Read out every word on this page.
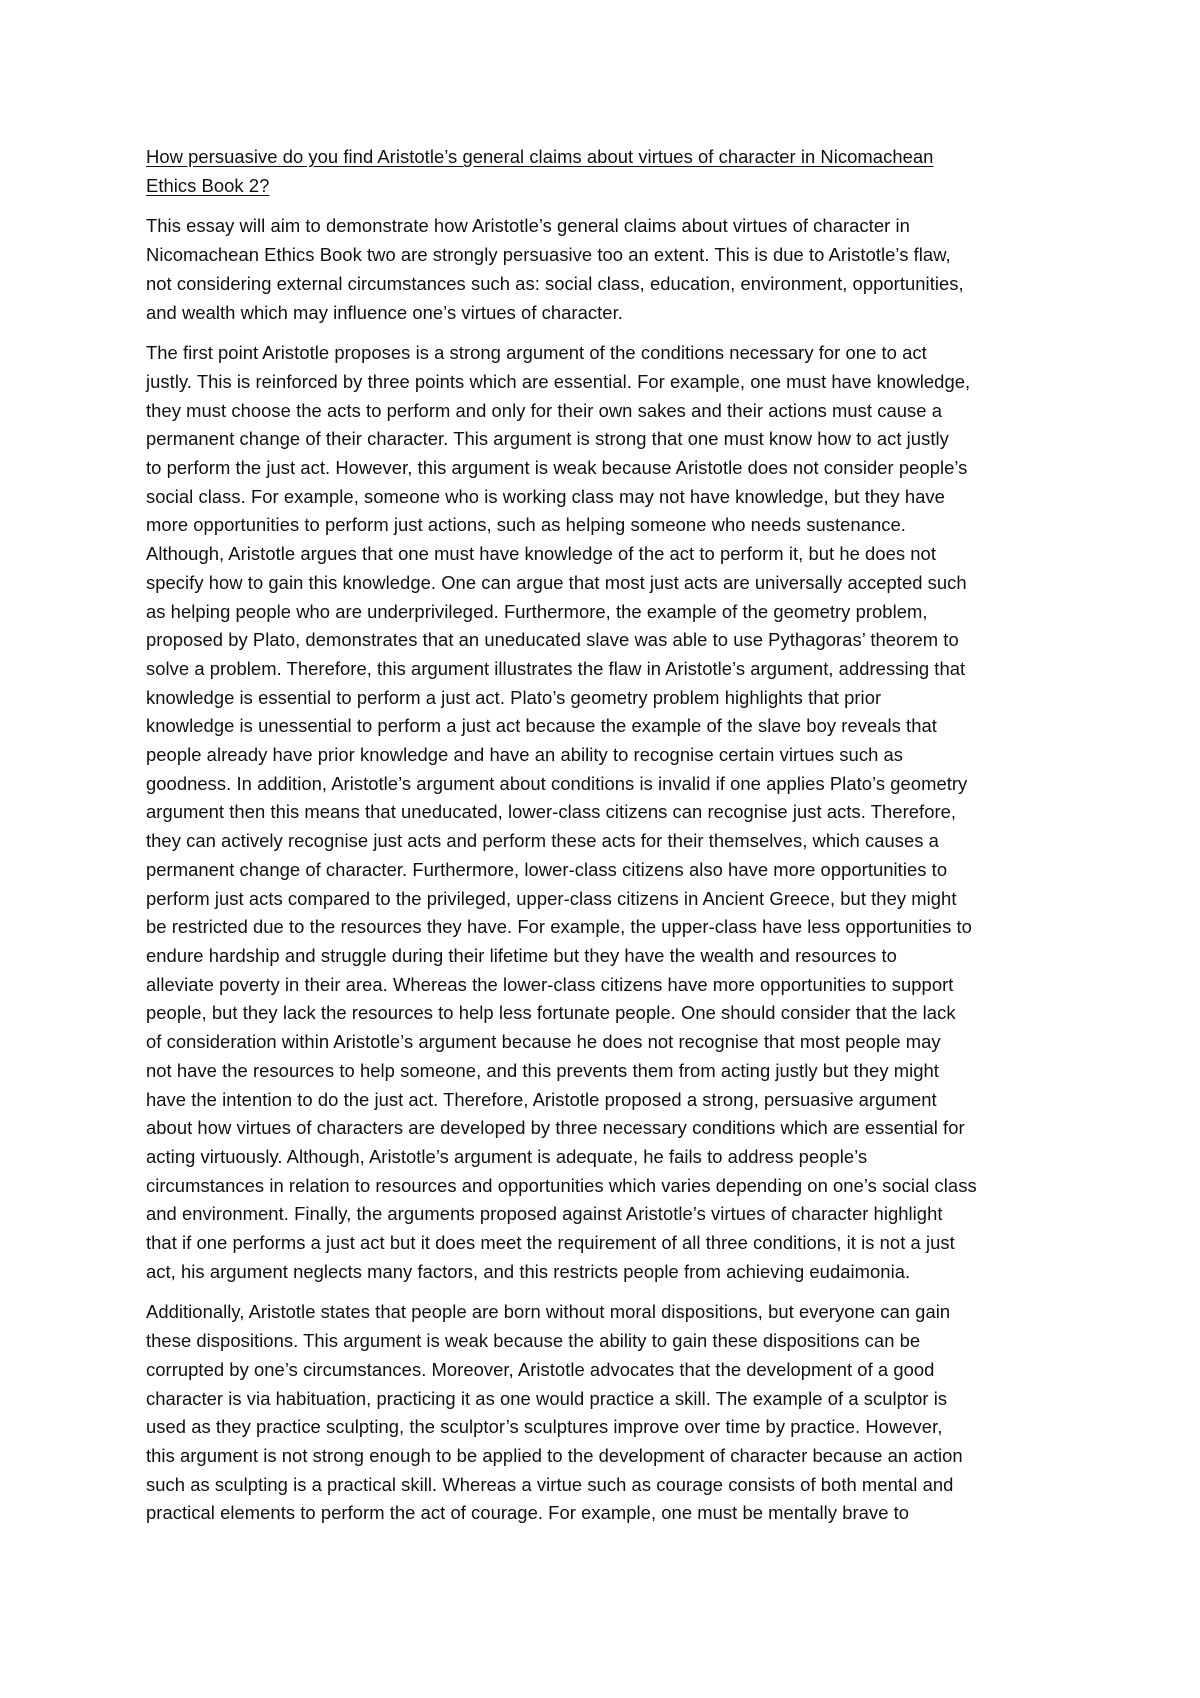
How persuasive do you find Aristotle’s general claims about virtues of character in Nicomachean
Ethics Book 2?
This essay will aim to demonstrate how Aristotle’s general claims about virtues of character in
Nicomachean Ethics Book two are strongly persuasive too an extent. This is due to Aristotle’s flaw,
not considering external circumstances such as: social class, education, environment, opportunities,
and wealth which may influence one’s virtues of character.
The first point Aristotle proposes is a strong argument of the conditions necessary for one to act
justly. This is reinforced by three points which are essential. For example, one must have knowledge,
they must choose the acts to perform and only for their own sakes and their actions must cause a
permanent change of their character. This argument is strong that one must know how to act justly
to perform the just act. However, this argument is weak because Aristotle does not consider people’s
social class. For example, someone who is working class may not have knowledge, but they have
more opportunities to perform just actions, such as helping someone who needs sustenance.
Although, Aristotle argues that one must have knowledge of the act to perform it, but he does not
specify how to gain this knowledge. One can argue that most just acts are universally accepted such
as helping people who are underprivileged. Furthermore, the example of the geometry problem,
proposed by Plato, demonstrates that an uneducated slave was able to use Pythagoras’ theorem to
solve a problem. Therefore, this argument illustrates the flaw in Aristotle’s argument, addressing that
knowledge is essential to perform a just act. Plato’s geometry problem highlights that prior
knowledge is unessential to perform a just act because the example of the slave boy reveals that
people already have prior knowledge and have an ability to recognise certain virtues such as
goodness. In addition, Aristotle’s argument about conditions is invalid if one applies Plato’s geometry
argument then this means that uneducated, lower-class citizens can recognise just acts. Therefore,
they can actively recognise just acts and perform these acts for their themselves, which causes a
permanent change of character. Furthermore, lower-class citizens also have more opportunities to
perform just acts compared to the privileged, upper-class citizens in Ancient Greece, but they might
be restricted due to the resources they have. For example, the upper-class have less opportunities to
endure hardship and struggle during their lifetime but they have the wealth and resources to
alleviate poverty in their area. Whereas the lower-class citizens have more opportunities to support
people, but they lack the resources to help less fortunate people. One should consider that the lack
of consideration within Aristotle’s argument because he does not recognise that most people may
not have the resources to help someone, and this prevents them from acting justly but they might
have the intention to do the just act. Therefore, Aristotle proposed a strong, persuasive argument
about how virtues of characters are developed by three necessary conditions which are essential for
acting virtuously. Although, Aristotle’s argument is adequate, he fails to address people’s
circumstances in relation to resources and opportunities which varies depending on one’s social class
and environment. Finally, the arguments proposed against Aristotle’s virtues of character highlight
that if one performs a just act but it does meet the requirement of all three conditions, it is not a just
act, his argument neglects many factors, and this restricts people from achieving eudaimonia.
Additionally, Aristotle states that people are born without moral dispositions, but everyone can gain
these dispositions. This argument is weak because the ability to gain these dispositions can be
corrupted by one’s circumstances. Moreover, Aristotle advocates that the development of a good
character is via habituation, practicing it as one would practice a skill. The example of a sculptor is
used as they practice sculpting, the sculptor’s sculptures improve over time by practice. However,
this argument is not strong enough to be applied to the development of character because an action
such as sculpting is a practical skill. Whereas a virtue such as courage consists of both mental and
practical elements to perform the act of courage. For example, one must be mentally brave to
